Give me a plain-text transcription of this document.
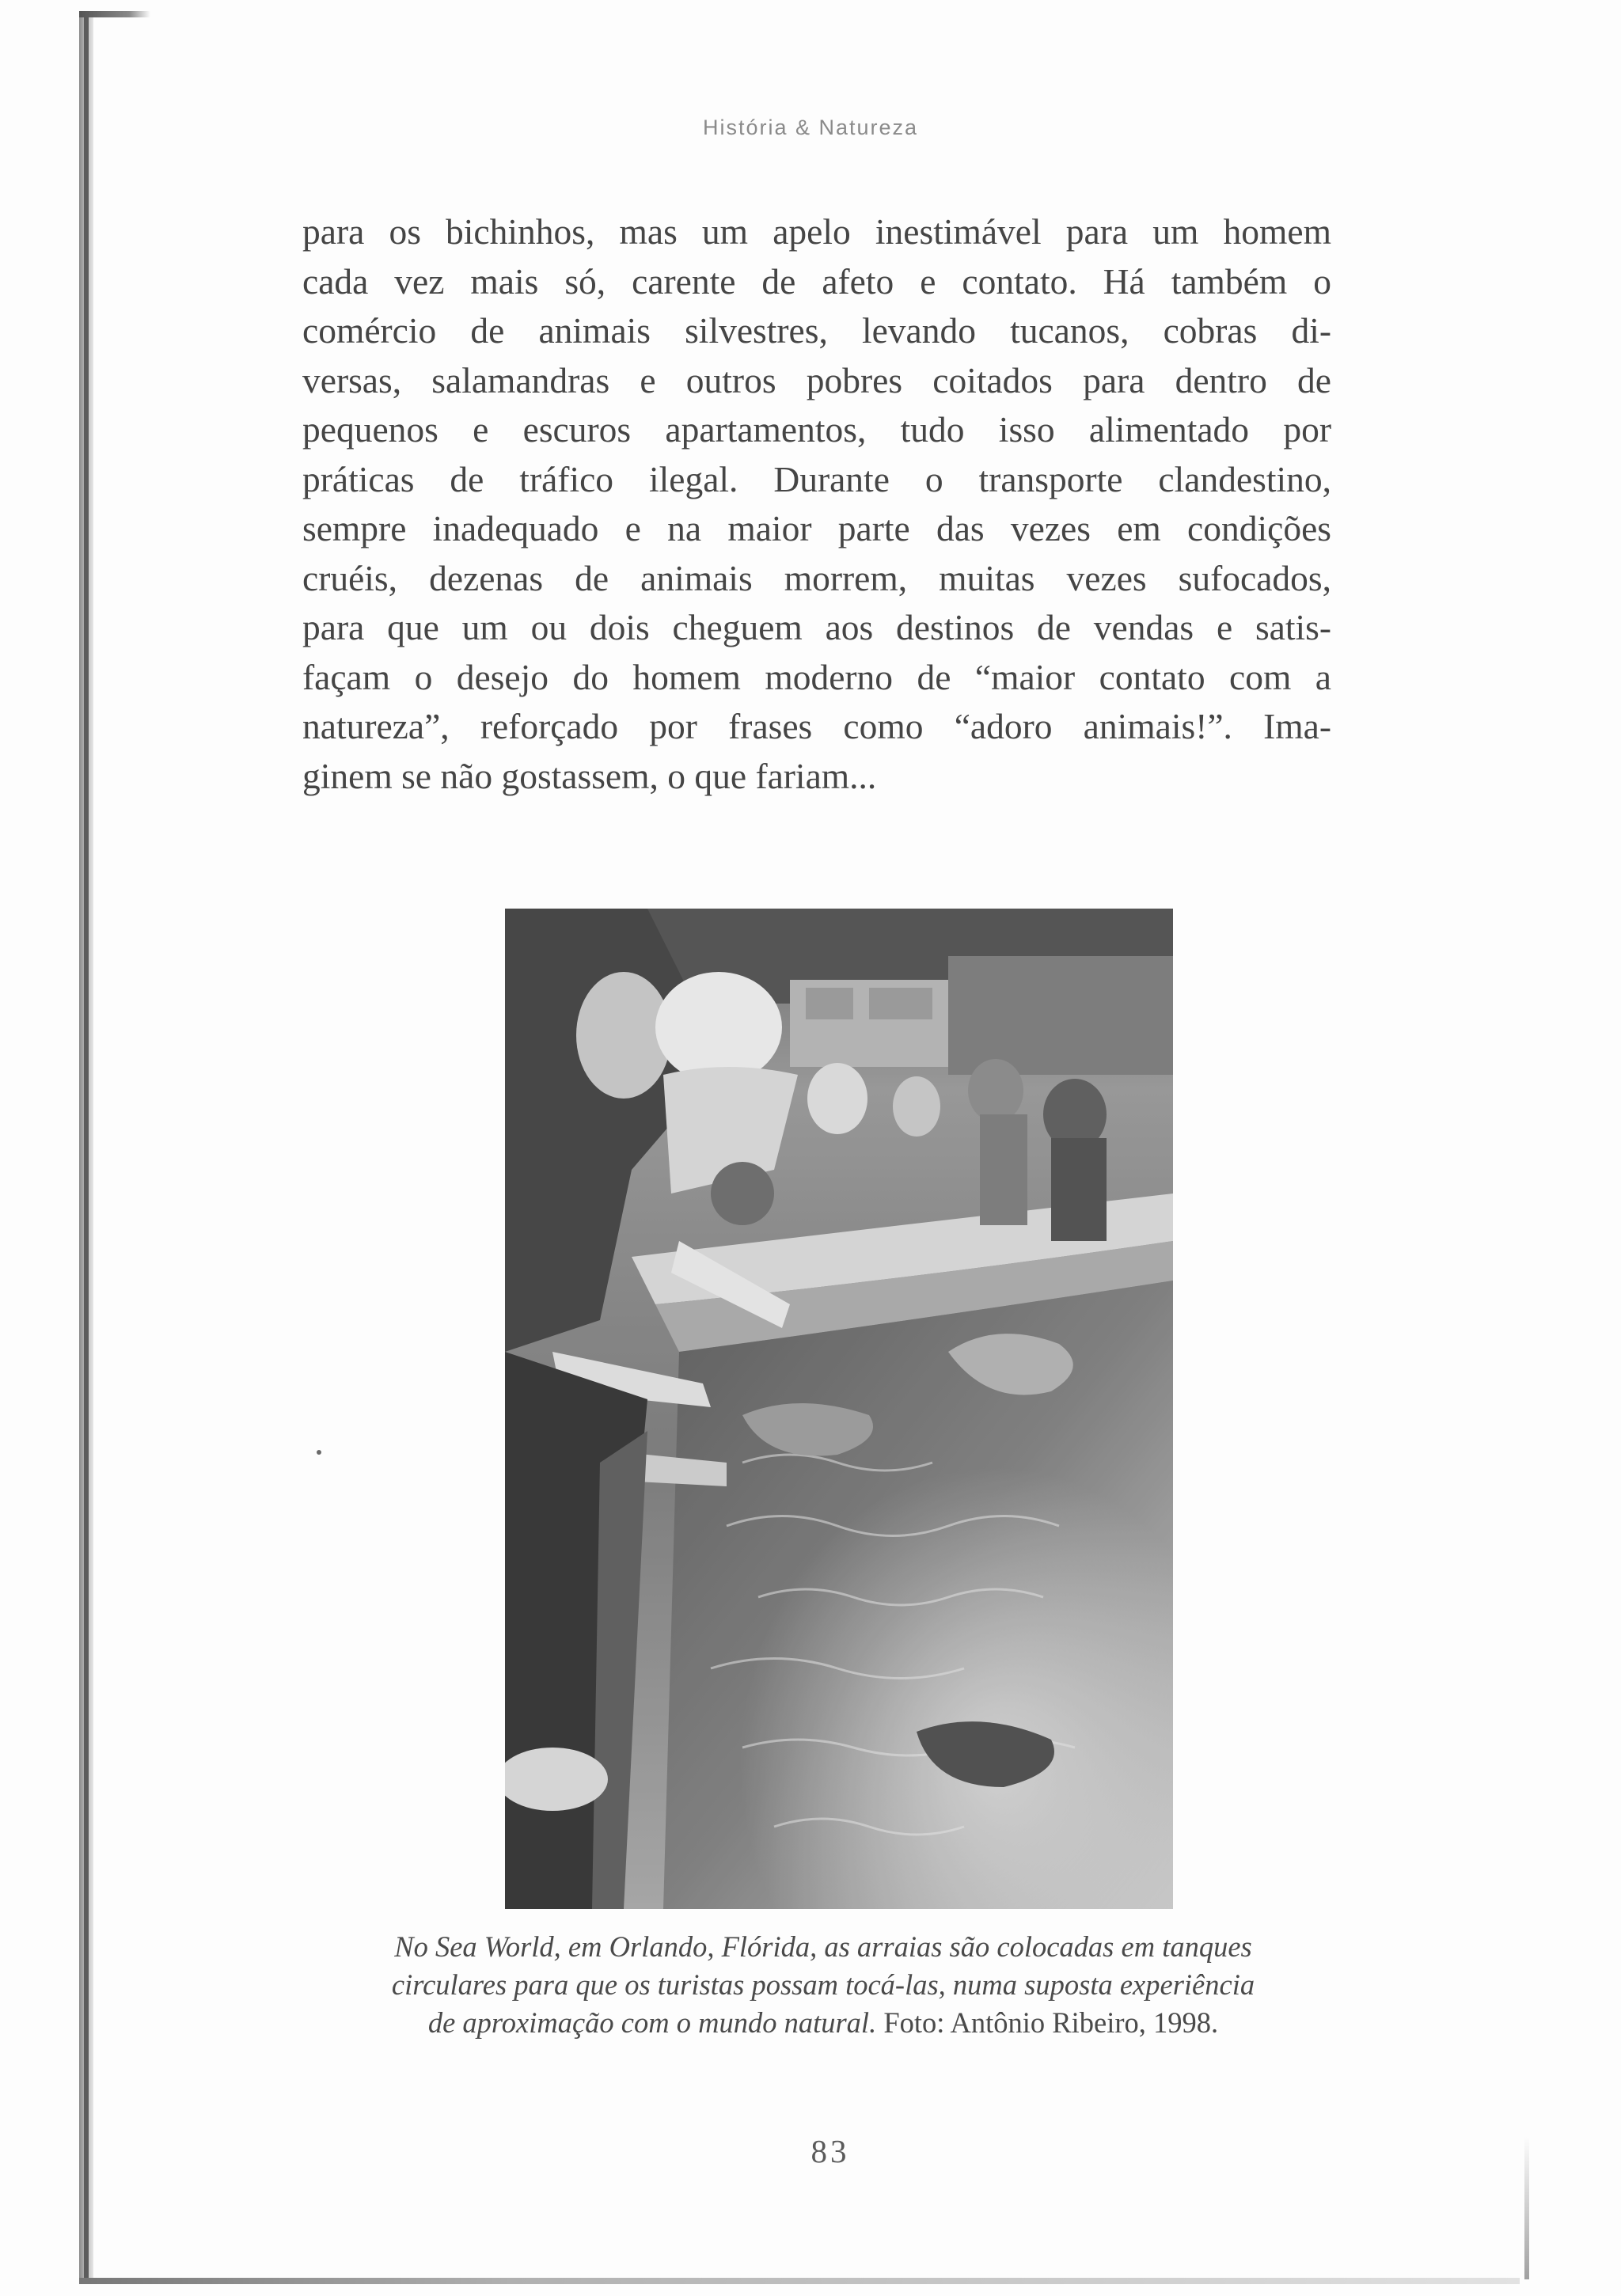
História & Natureza
para os bichinhos, mas um apelo inestimável para um homem
cada vez mais só, carente de afeto e contato. Há também o
comércio de animais silvestres, levando tucanos, cobras di-
versas, salamandras e outros pobres coitados para dentro de
pequenos e escuros apartamentos, tudo isso alimentado por
práticas de tráfico ilegal. Durante o transporte clandestino,
sempre inadequado e na maior parte das vezes em condições
cruéis, dezenas de animais morrem, muitas vezes sufocados,
para que um ou dois cheguem aos destinos de vendas e satis-
façam o desejo do homem moderno de “maior contato com a
natureza”, reforçado por frases como “adoro animais!”. Ima-
ginem se não gostassem, o que fariam...
No Sea World, em Orlando, Flórida, as arraias são colocadas em tanques
circulares para que os turistas possam tocá-las, numa suposta experiência
de aproximação com o mundo natural. Foto: Antônio Ribeiro, 1998.
83
